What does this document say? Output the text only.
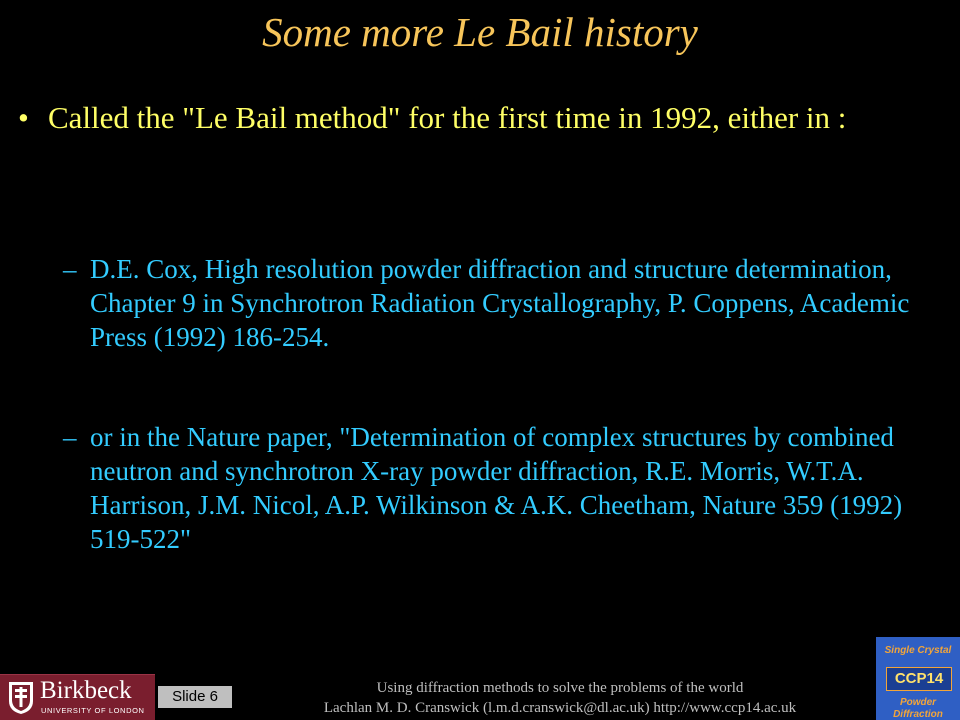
Some more Le Bail history
• Called the "Le Bail method" for the first time in 1992, either in :
– D.E. Cox, High resolution powder diffraction and structure determination, Chapter 9 in Synchrotron Radiation Crystallography, P. Coppens, Academic Press (1992) 186-254.
– or in the Nature paper, "Determination of complex structures by combined neutron and synchrotron X-ray powder diffraction, R.E. Morris, W.T.A. Harrison, J.M. Nicol, A.P. Wilkinson & A.K. Cheetham, Nature 359 (1992) 519-522"
Birkbeck
UNIVERSITY OF LONDON
Slide 6	Using diffraction methods to solve the problems of the world
Lachlan M. D. Cranswick (l.m.d.cranswick@dl.ac.uk) http://www.ccp14.ac.uk
Single Crystal
CCP14
Powder Diffraction
